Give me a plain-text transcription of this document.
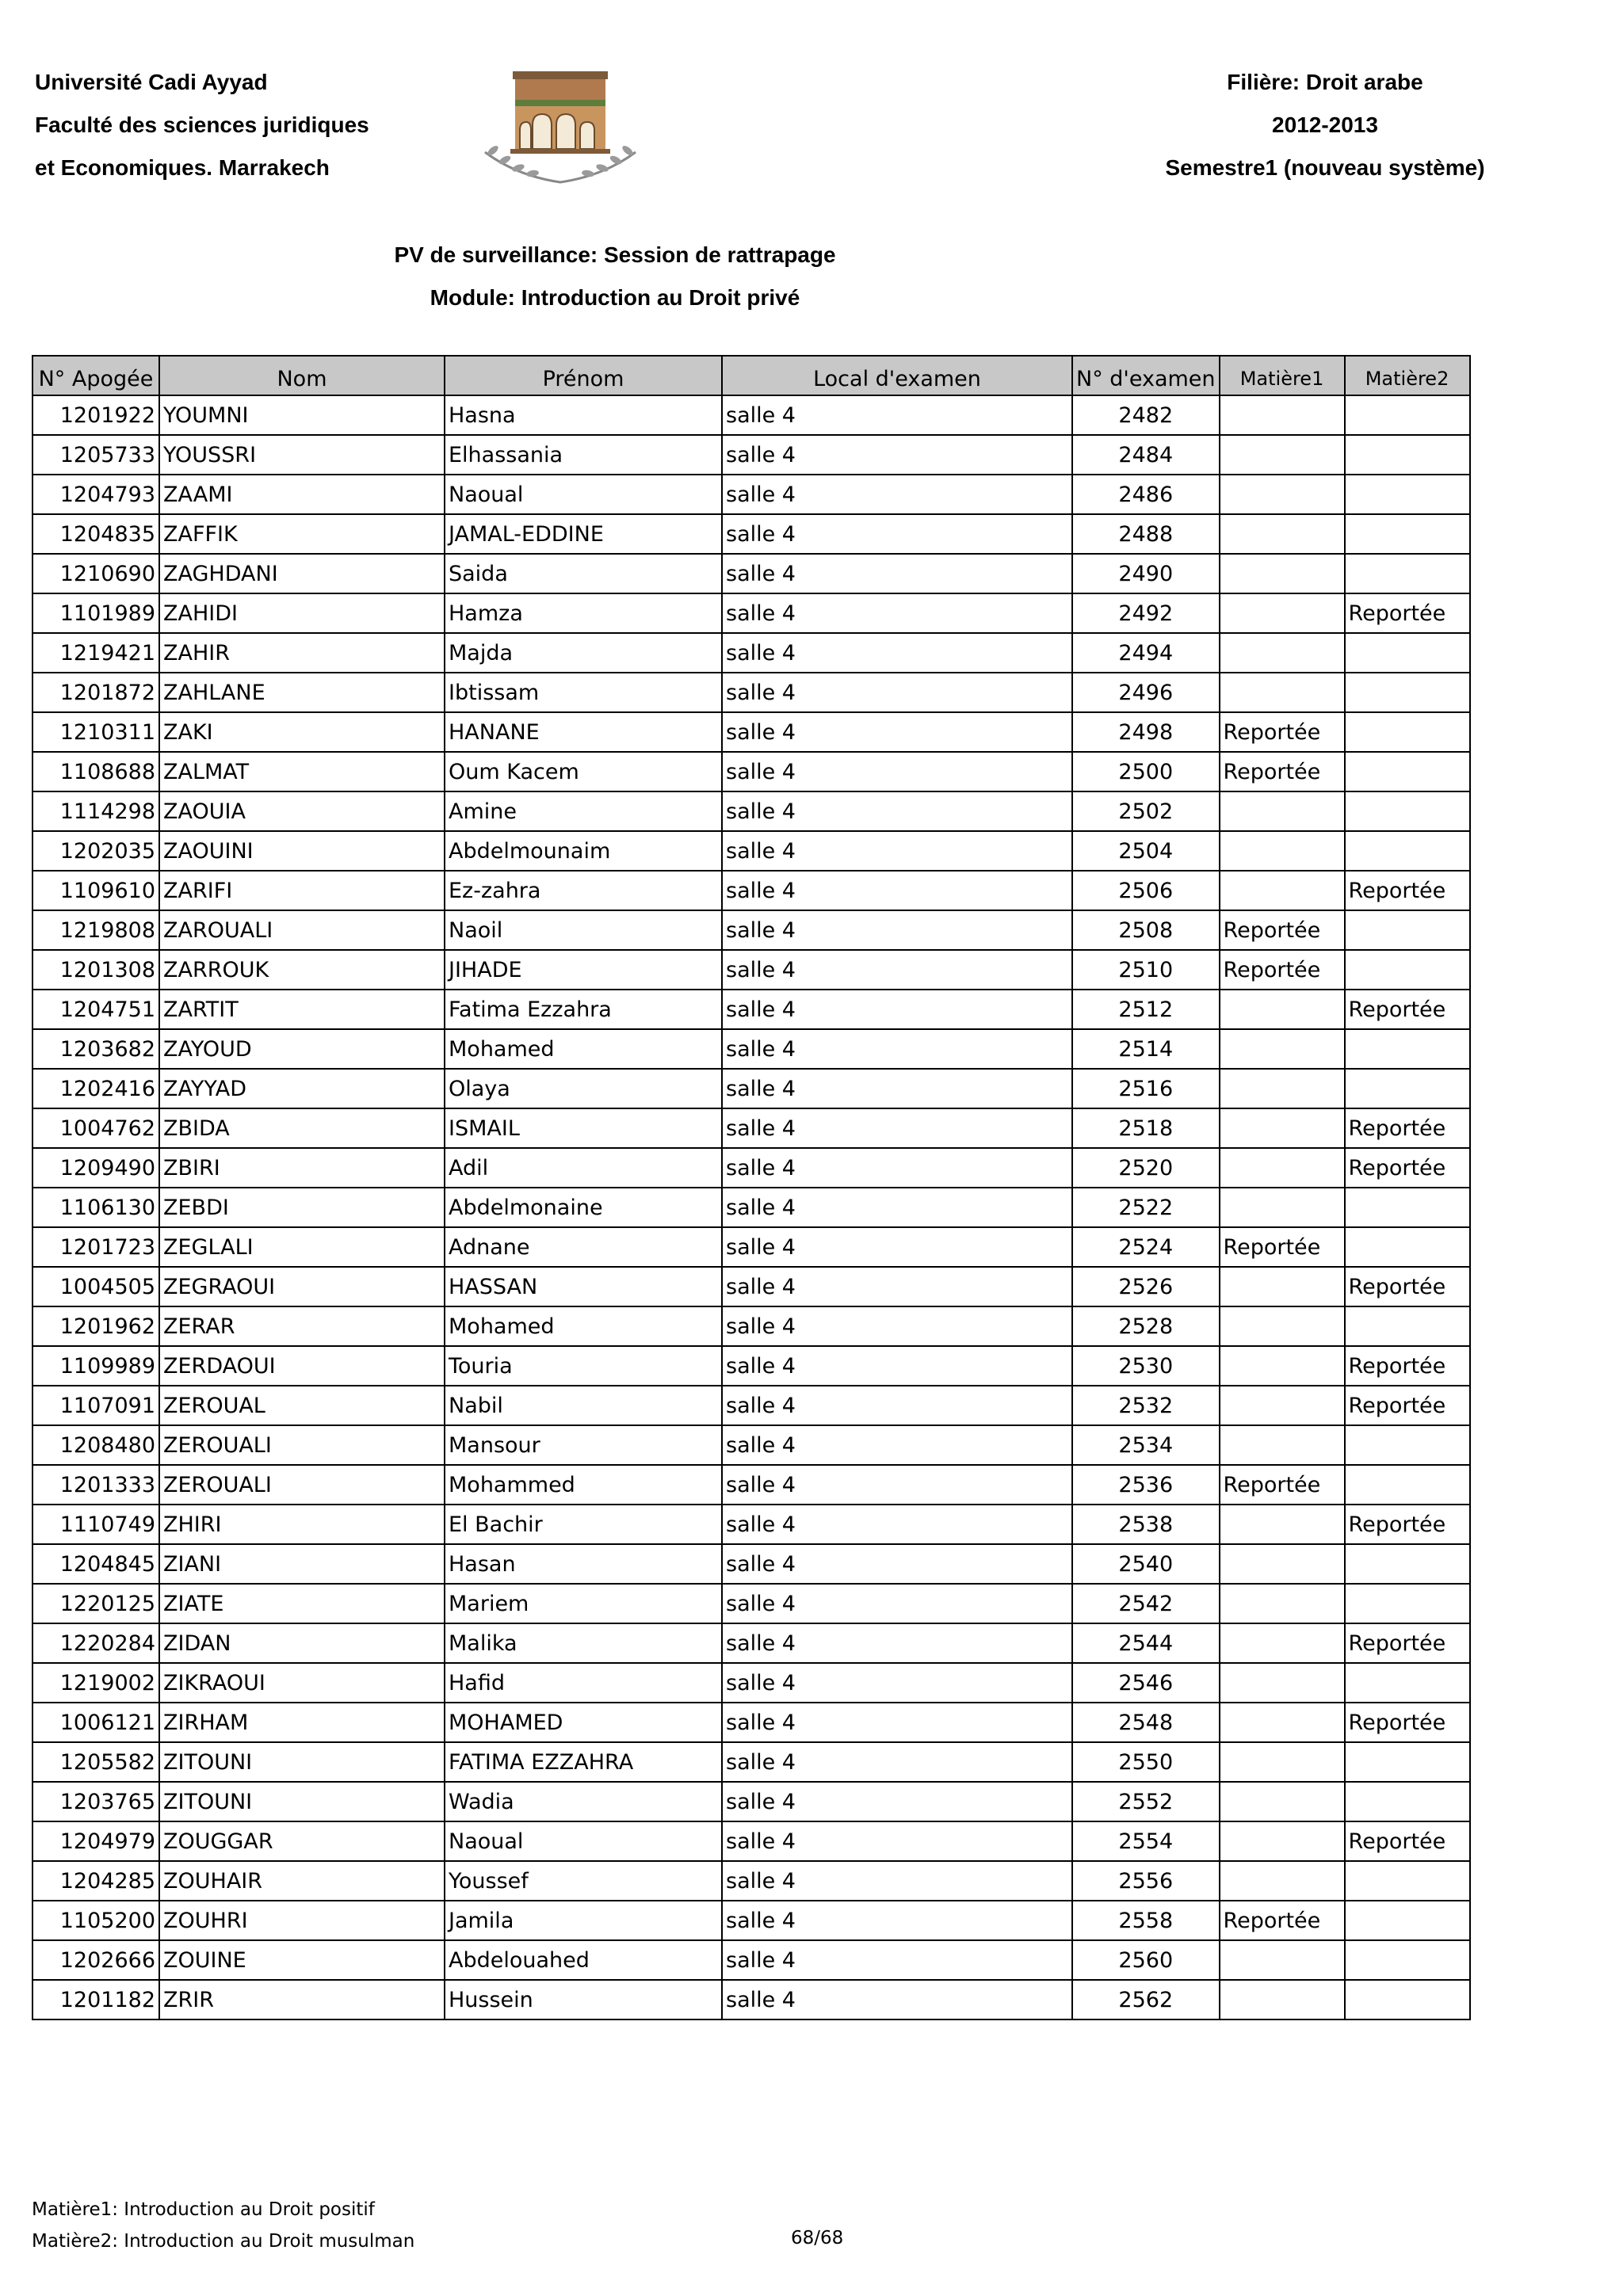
Université Cadi Ayyad
Faculté des sciences juridiques
et Economiques. Marrakech
Filière: Droit arabe
2012-2013
Semestre1 (nouveau système)
PV de surveillance: Session de rattrapage
Module: Introduction au Droit privé
N° Apogée	Nom	Prénom	Local d'examen	N° d'examen	Matière1	Matière2
1201922	YOUMNI	Hasna	salle 4	2482		
1205733	YOUSSRI	Elhassania	salle 4	2484		
1204793	ZAAMI	Naoual	salle 4	2486		
1204835	ZAFFIK	JAMAL-EDDINE	salle 4	2488		
1210690	ZAGHDANI	Saida	salle 4	2490		
1101989	ZAHIDI	Hamza	salle 4	2492		Reportée
1219421	ZAHIR	Majda	salle 4	2494		
1201872	ZAHLANE	Ibtissam	salle 4	2496		
1210311	ZAKI	HANANE	salle 4	2498	Reportée	
1108688	ZALMAT	Oum Kacem	salle 4	2500	Reportée	
1114298	ZAOUIA	Amine	salle 4	2502		
1202035	ZAOUINI	Abdelmounaim	salle 4	2504		
1109610	ZARIFI	Ez-zahra	salle 4	2506		Reportée
1219808	ZAROUALI	Naoil	salle 4	2508	Reportée	
1201308	ZARROUK	JIHADE	salle 4	2510	Reportée	
1204751	ZARTIT	Fatima Ezzahra	salle 4	2512		Reportée
1203682	ZAYOUD	Mohamed	salle 4	2514		
1202416	ZAYYAD	Olaya	salle 4	2516		
1004762	ZBIDA	ISMAIL	salle 4	2518		Reportée
1209490	ZBIRI	Adil	salle 4	2520		Reportée
1106130	ZEBDI	Abdelmonaine	salle 4	2522		
1201723	ZEGLALI	Adnane	salle 4	2524	Reportée	
1004505	ZEGRAOUI	HASSAN	salle 4	2526		Reportée
1201962	ZERAR	Mohamed	salle 4	2528		
1109989	ZERDAOUI	Touria	salle 4	2530		Reportée
1107091	ZEROUAL	Nabil	salle 4	2532		Reportée
1208480	ZEROUALI	Mansour	salle 4	2534		
1201333	ZEROUALI	Mohammed	salle 4	2536	Reportée	
1110749	ZHIRI	El Bachir	salle 4	2538		Reportée
1204845	ZIANI	Hasan	salle 4	2540		
1220125	ZIATE	Mariem	salle 4	2542		
1220284	ZIDAN	Malika	salle 4	2544		Reportée
1219002	ZIKRAOUI	Hafid	salle 4	2546		
1006121	ZIRHAM	MOHAMED	salle 4	2548		Reportée
1205582	ZITOUNI	FATIMA EZZAHRA	salle 4	2550		
1203765	ZITOUNI	Wadia	salle 4	2552		
1204979	ZOUGGAR	Naoual	salle 4	2554		Reportée
1204285	ZOUHAIR	Youssef	salle 4	2556		
1105200	ZOUHRI	Jamila	salle 4	2558	Reportée	
1202666	ZOUINE	Abdelouahed	salle 4	2560		
1201182	ZRIR	Hussein	salle 4	2562		
Matière1: Introduction au Droit positif
Matière2: Introduction au Droit musulman	68/68
